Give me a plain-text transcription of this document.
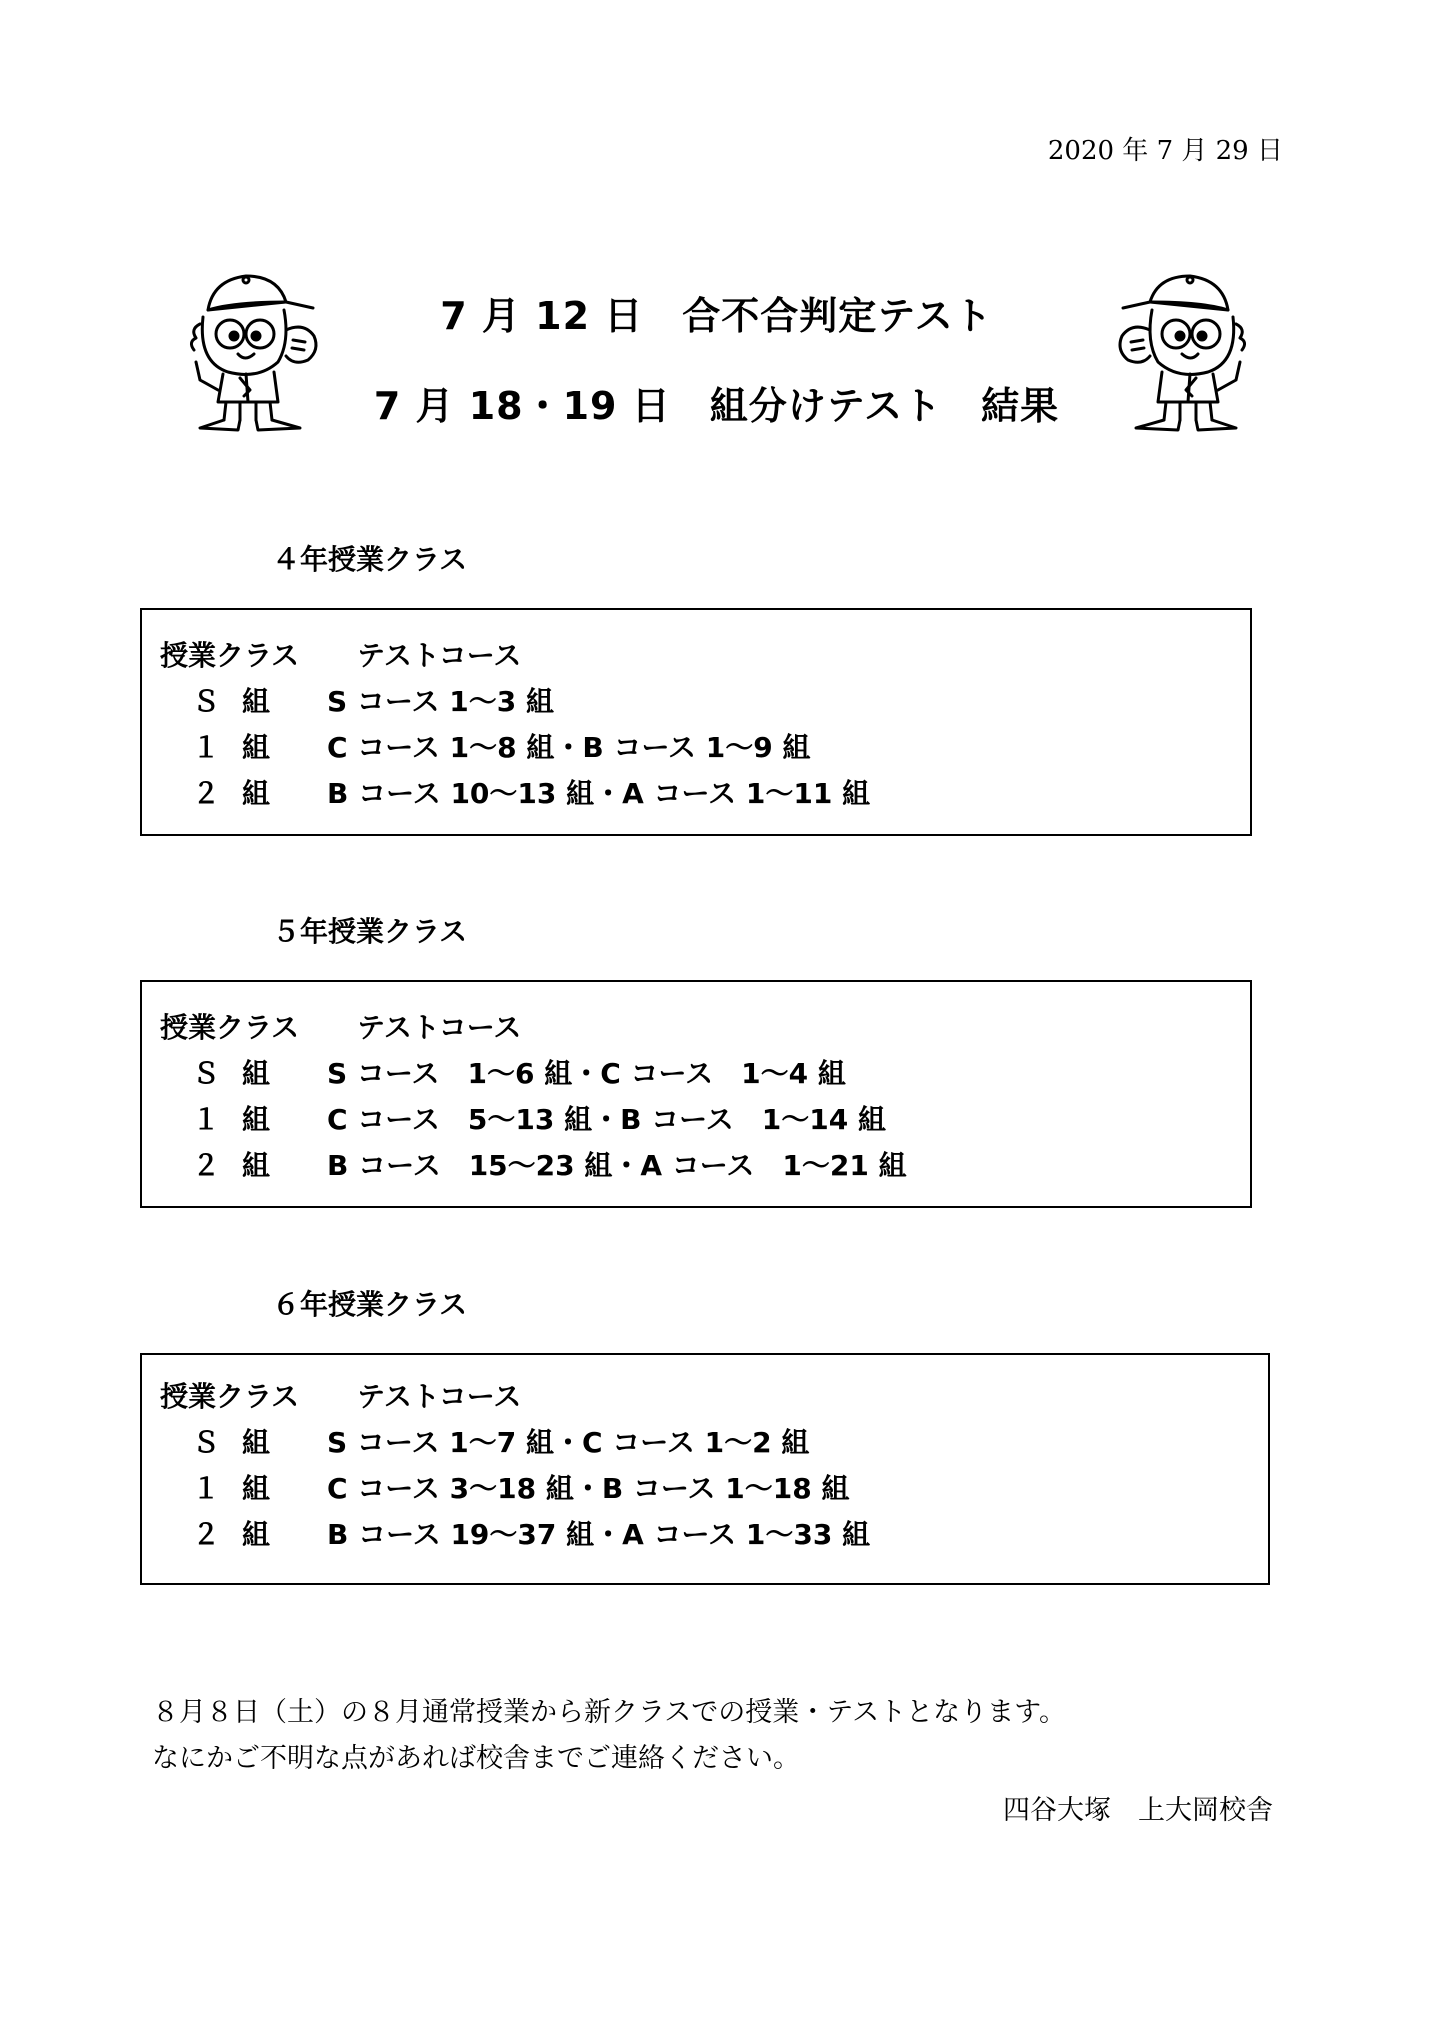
2020 年 7 月 29 日
7 月 12 日　合不合判定テスト
7 月 18・19 日　組分けテスト　結果
４年授業クラス
授業クラス テストコース
Ｓ 組 S コース 1～3 組
１ 組 C コース 1～8 組・B コース 1～9 組
２ 組 B コース 10～13 組・A コース 1～11 組
５年授業クラス
授業クラス テストコース
Ｓ 組 S コース　1～6 組・C コース　1～4 組
１ 組 C コース　5～13 組・B コース　1～14 組
２ 組 B コース　15～23 組・A コース　1～21 組
６年授業クラス
授業クラス テストコース
Ｓ 組 S コース 1～7 組・C コース 1～2 組
１ 組 C コース 3～18 組・B コース 1～18 組
２ 組 B コース 19～37 組・A コース 1～33 組
８月８日（土）の８月通常授業から新クラスでの授業・テストとなります。
なにかご不明な点があれば校舎までご連絡ください。
四谷大塚　上大岡校舎
